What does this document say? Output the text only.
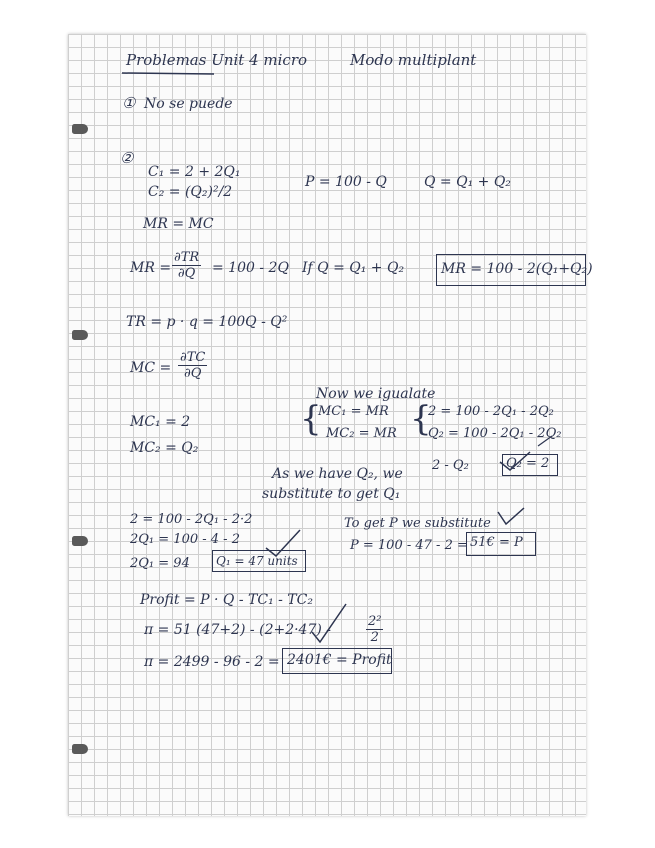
Problemas Unit 4 micro	Modo multiplant
① No se puede
②
C₁ = 2 + 2Q₁
C₂ = (Q₂)²/2
P = 100 - Q	Q = Q₁ + Q₂
MR = MC
MR = $\frac{\partial TR}{\partial Q} = 100 - 2Q$ If Q = Q₁ + Q₂	MR = 100 - 2(Q₁+Q₂)
TR = p · q = 100Q - Q²
MC = $\frac{\partial TC}{\partial Q}$
MC₁ = 2
MC₂ = Q₂
Now we igualate
{
MC₁ = MR
MC₂ = MR {
2 = 100 - 2Q₁ - 2Q₂
Q₂ = 100 - 2Q₁ - 2Q₂
2 - Q₂	Q₂ = 2
As we have Q₂, we
substitute to get Q₁
2 = 100 - 2Q₁ - 2·2
2Q₁ = 100 - 4 - 2
2Q₁ = 94 Q₁ = 47 units
To get P we substitute
P = 100 - 47 - 2 = 51€ = P
Profit = P · Q - TC₁ - TC₂
π = 51 (47+2) - (2+2·47) -	$\frac{\text{2²}}{2}$
π = 2499 - 96 - 2 = 2401€ = Profit
